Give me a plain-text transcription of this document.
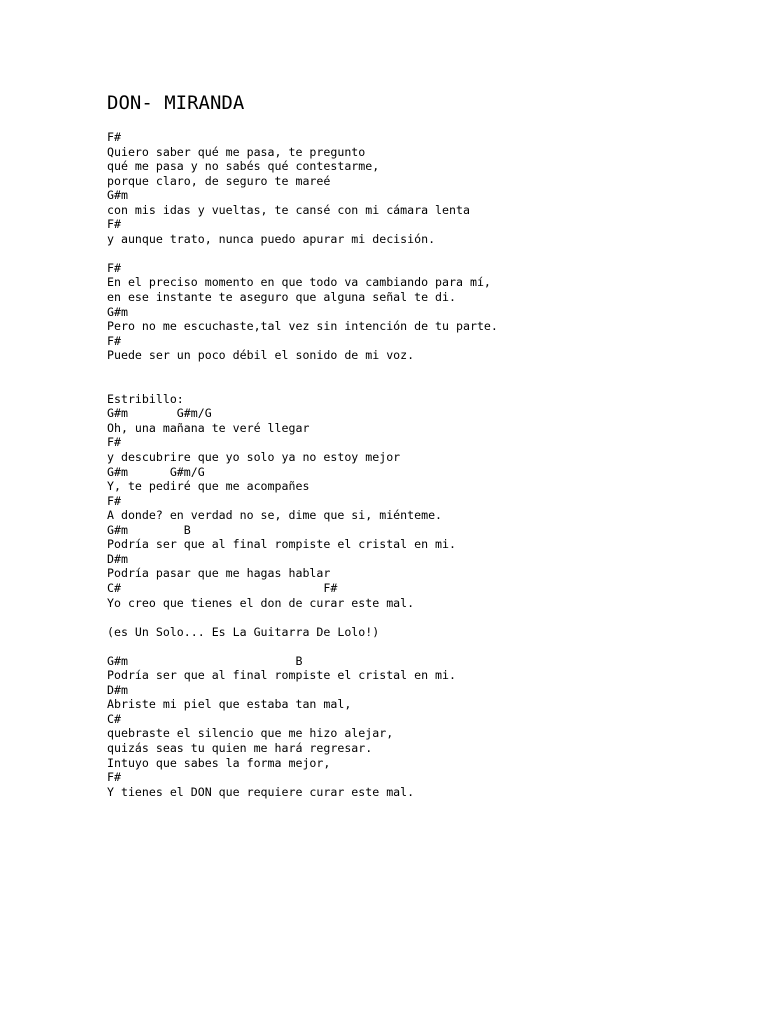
DON- MIRANDA
F#
Quiero saber qué me pasa, te pregunto
qué me pasa y no sabés qué contestarme,
porque claro, de seguro te mareé
G#m
con mis idas y vueltas, te cansé con mi cámara lenta
F#
y aunque trato, nunca puedo apurar mi decisión.
F#
En el preciso momento en que todo va cambiando para mí,
en ese instante te aseguro que alguna señal te di.
G#m
Pero no me escuchaste,tal vez sin intención de tu parte.
F#
Puede ser un poco débil el sonido de mi voz.
Estribillo:
G#m       G#m/G
Oh, una mañana te veré llegar
F#
y descubrire que yo solo ya no estoy mejor
G#m      G#m/G
Y, te pediré que me acompañes
F#
A donde? en verdad no se, dime que si, miénteme.
G#m        B
Podría ser que al final rompiste el cristal en mi.
D#m
Podría pasar que me hagas hablar
C#                             F#
Yo creo que tienes el don de curar este mal.
(es Un Solo... Es La Guitarra De Lolo!)
G#m                        B
Podría ser que al final rompiste el cristal en mi.
D#m
Abriste mi piel que estaba tan mal,
C#
quebraste el silencio que me hizo alejar,
quizás seas tu quien me hará regresar.
Intuyo que sabes la forma mejor,
F#
Y tienes el DON que requiere curar este mal.
